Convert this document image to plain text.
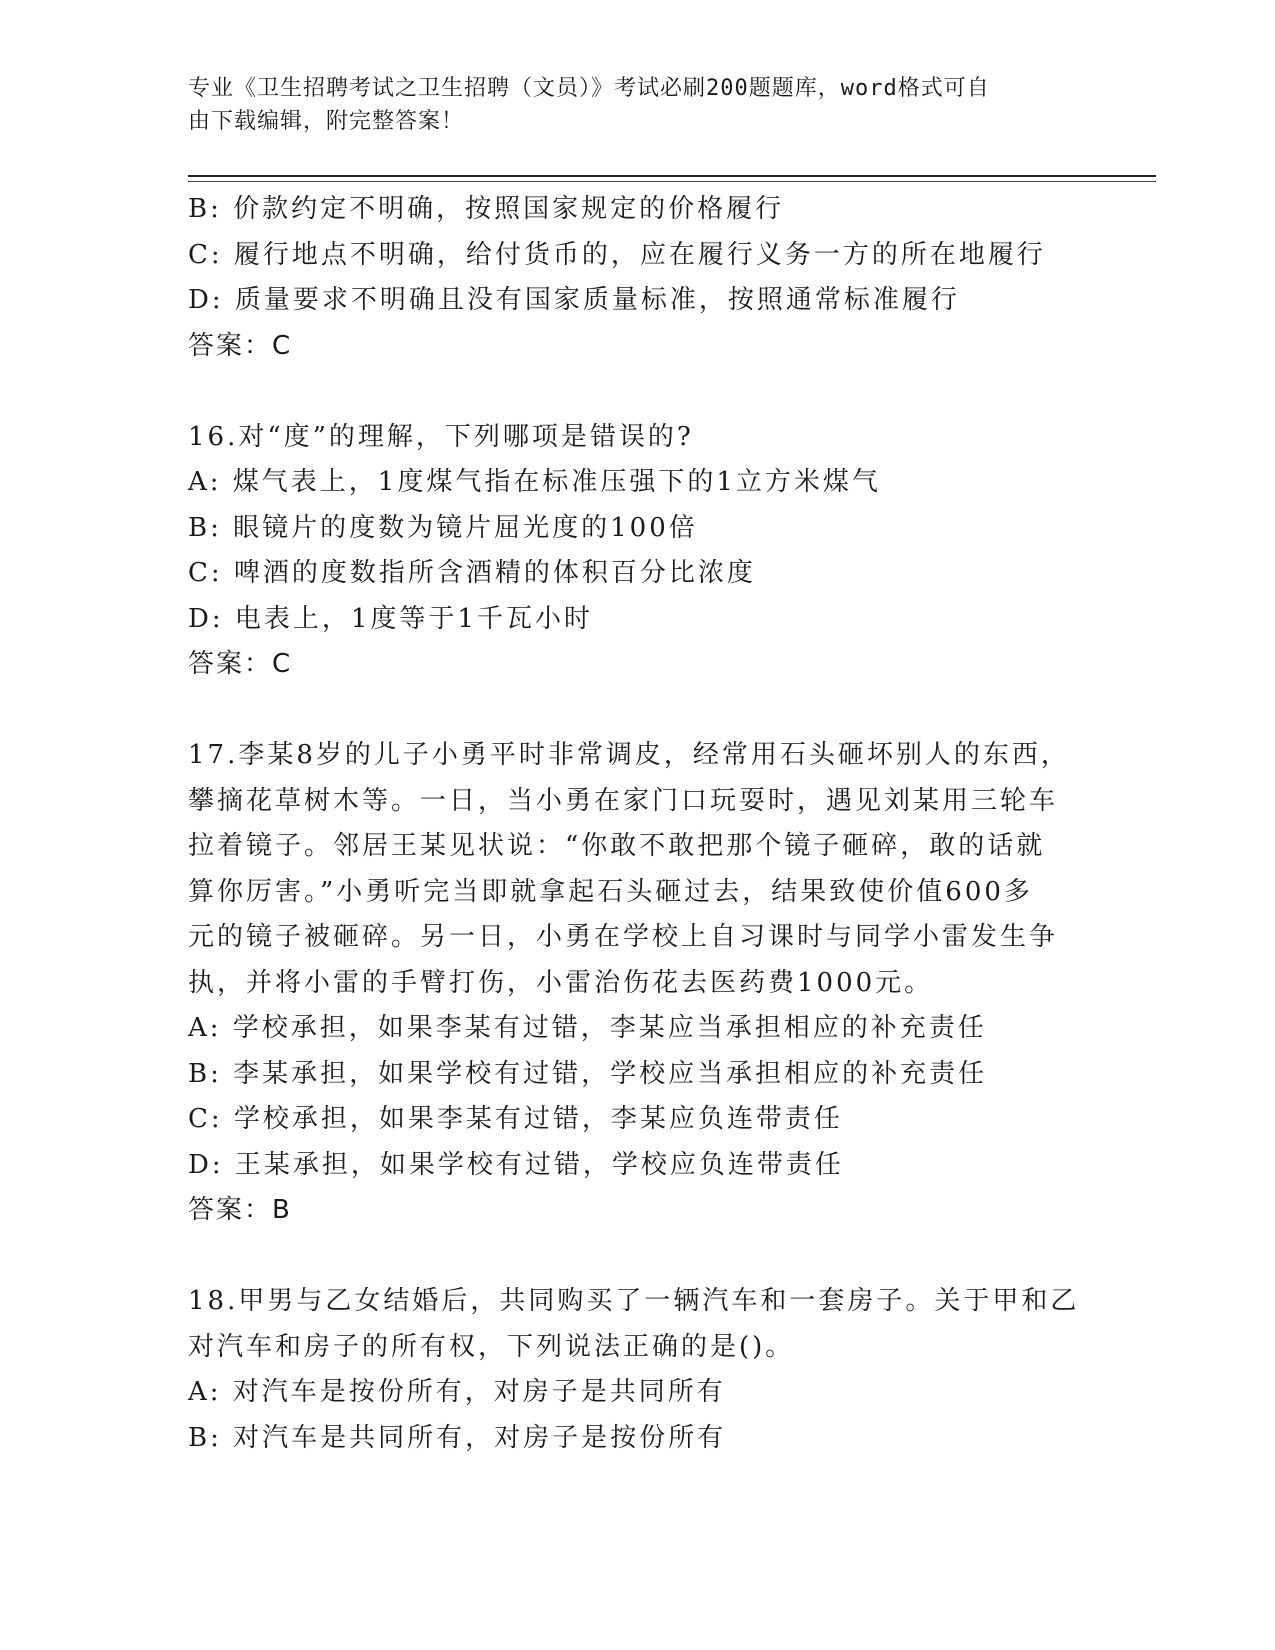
专业《卫生招聘考试之卫生招聘（文员）》考试必刷200题题库，word格式可自
由下载编辑，附完整答案！
B: 价款约定不明确，按照国家规定的价格履行
C: 履行地点不明确，给付货币的，应在履行义务一方的所在地履行
D: 质量要求不明确且没有国家质量标准，按照通常标准履行
答案：C
16.对“度”的理解，下列哪项是错误的?
A: 煤气表上，1度煤气指在标准压强下的1立方米煤气
B: 眼镜片的度数为镜片屈光度的100倍
C: 啤酒的度数指所含酒精的体积百分比浓度
D: 电表上，1度等于1千瓦小时
答案：C
17.李某8岁的儿子小勇平时非常调皮，经常用石头砸坏别人的东西，
攀摘花草树木等。一日，当小勇在家门口玩耍时，遇见刘某用三轮车
拉着镜子。邻居王某见状说：“你敢不敢把那个镜子砸碎，敢的话就
算你厉害。”小勇听完当即就拿起石头砸过去，结果致使价值600多
元的镜子被砸碎。另一日，小勇在学校上自习课时与同学小雷发生争
执，并将小雷的手臂打伤，小雷治伤花去医药费1000元。
A: 学校承担，如果李某有过错，李某应当承担相应的补充责任
B: 李某承担，如果学校有过错，学校应当承担相应的补充责任
C: 学校承担，如果李某有过错，李某应负连带责任
D: 王某承担，如果学校有过错，学校应负连带责任
答案：B
18.甲男与乙女结婚后，共同购买了一辆汽车和一套房子。关于甲和乙
对汽车和房子的所有权，下列说法正确的是()。
A: 对汽车是按份所有，对房子是共同所有
B: 对汽车是共同所有，对房子是按份所有
